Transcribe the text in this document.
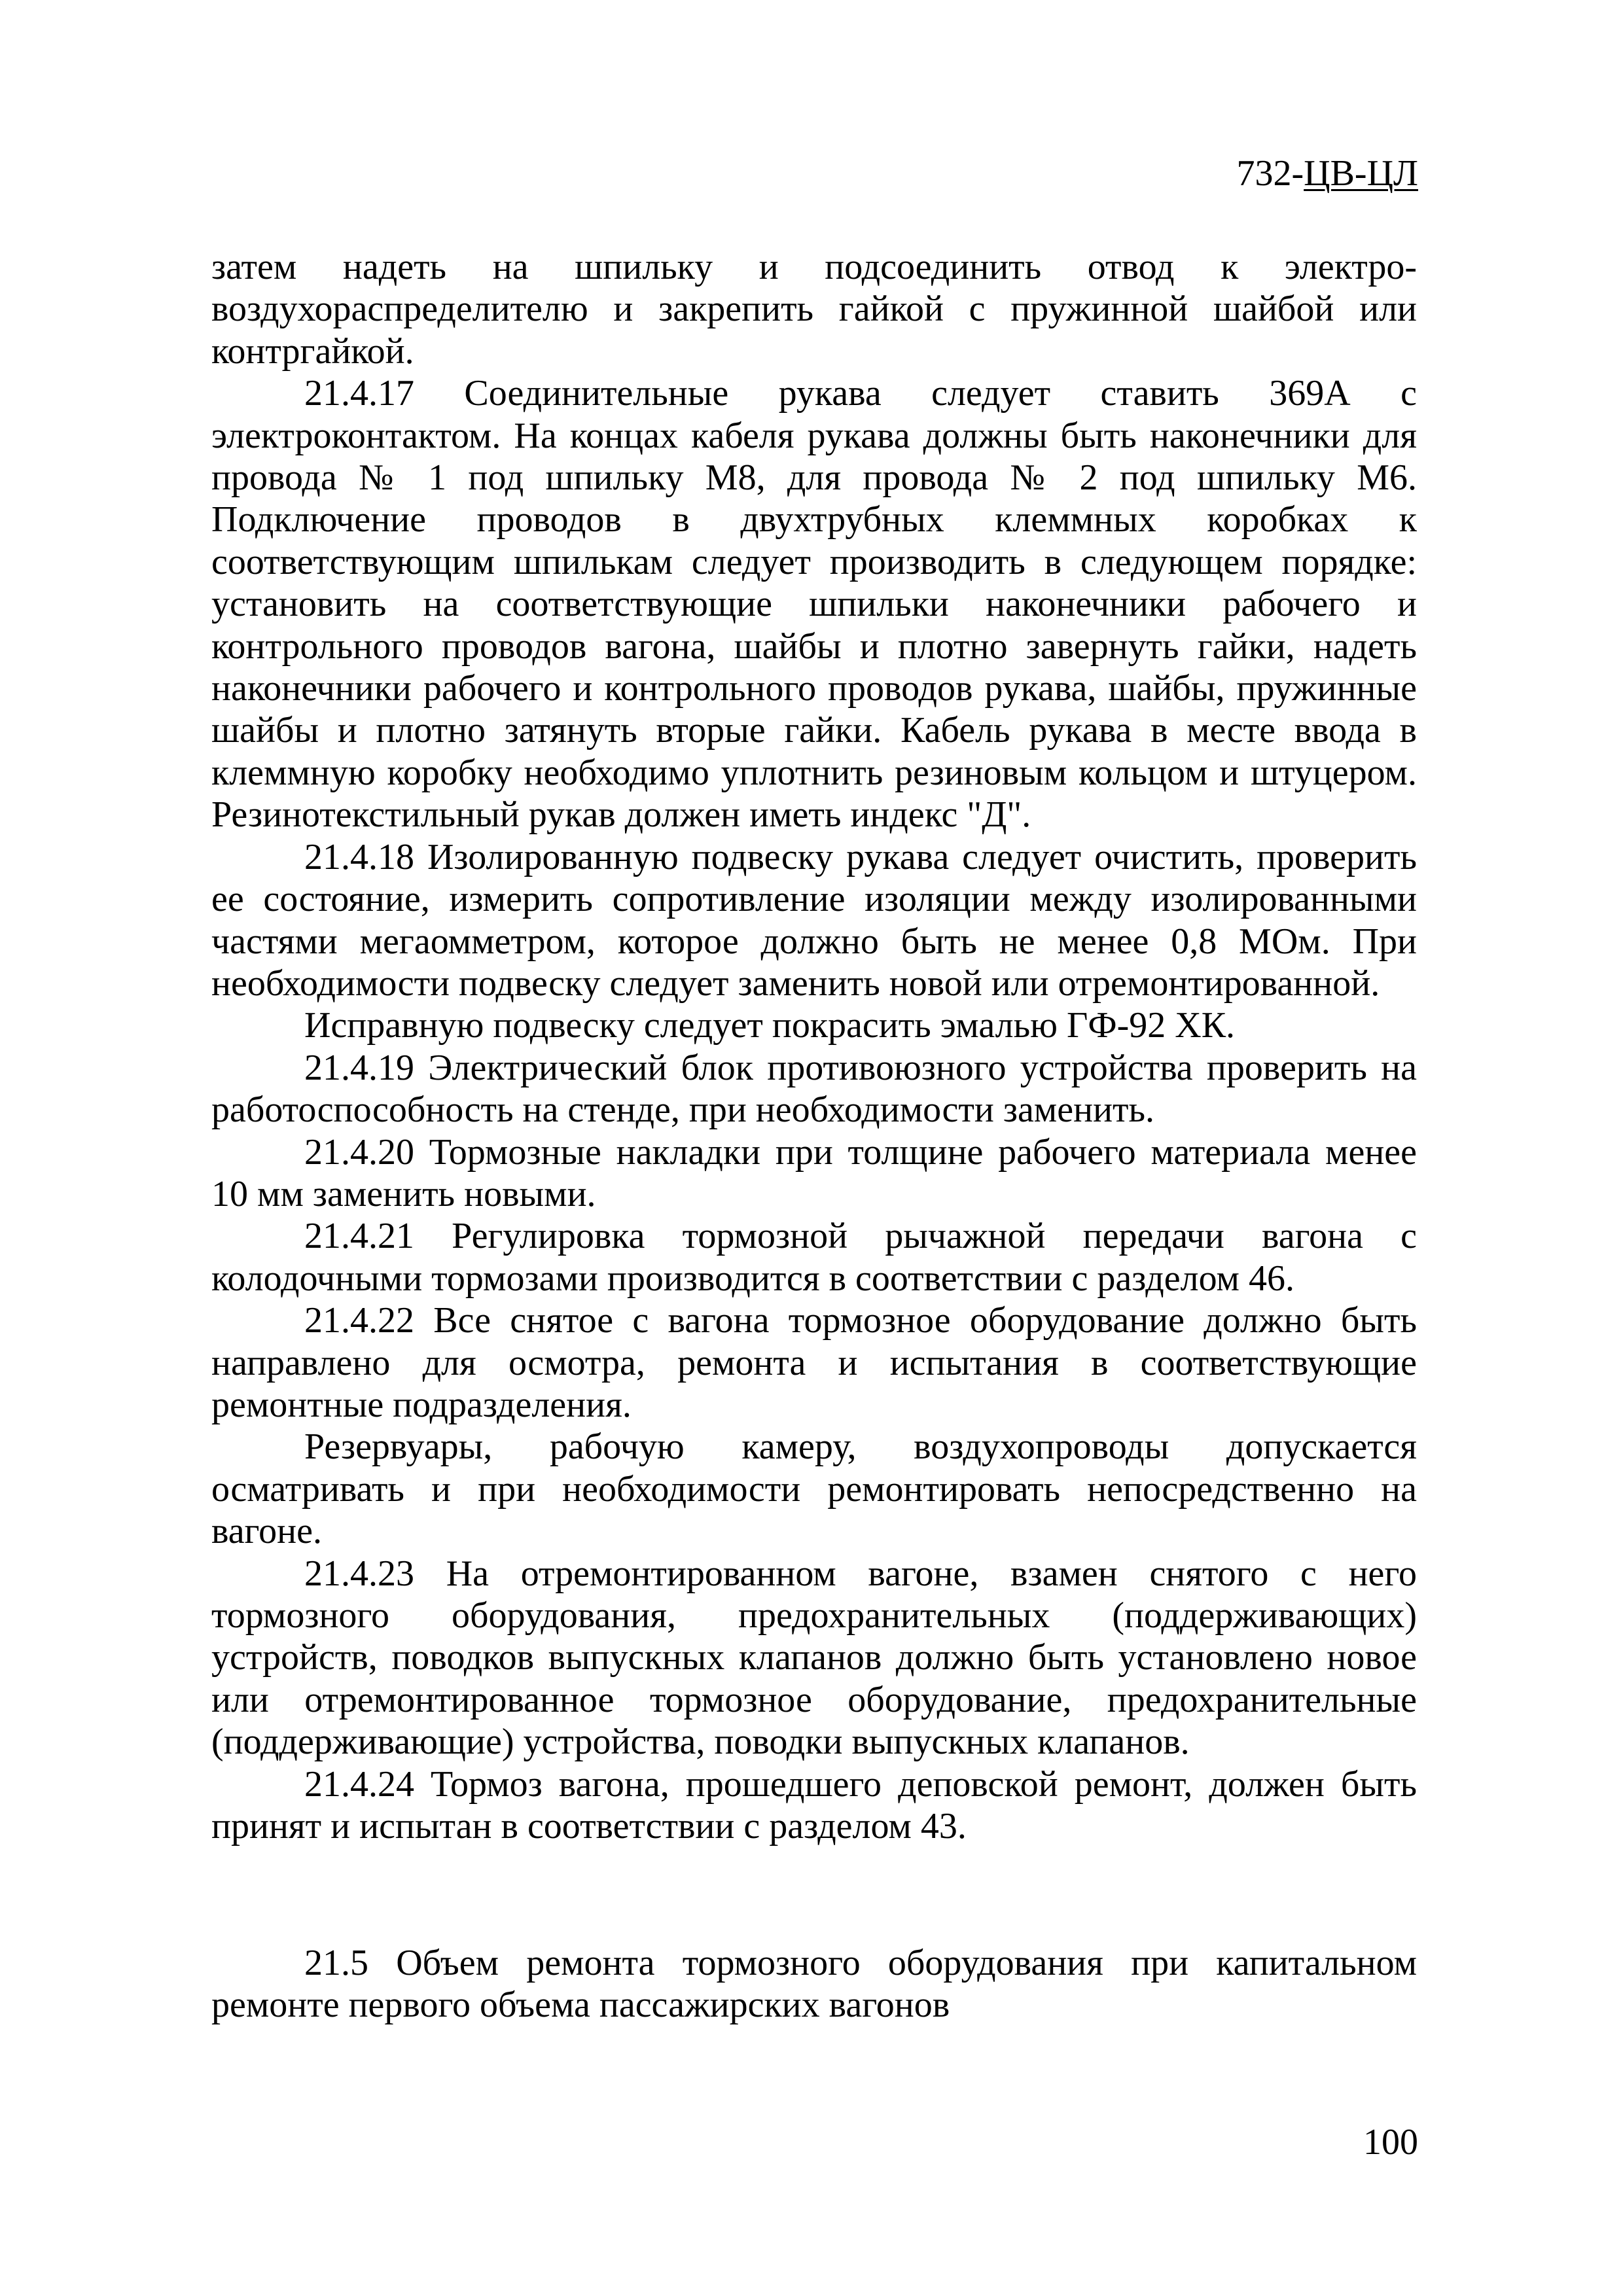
732-ЦВ-ЦЛ

затем надеть на шпильку и подсоединить отвод к электро-воздухораспределителю и закрепить гайкой с пружинной шайбой или контргайкой.

21.4.17 Соединительные рукава следует ставить 369А с электроконтактом. На концах кабеля рукава должны быть наконечники для провода № 1 под шпильку М8, для провода № 2 под шпильку М6. Подключение проводов в двухтрубных клеммных коробках к соответствующим шпилькам следует производить в следующем порядке: установить на соответствующие шпильки наконечники рабочего и контрольного проводов вагона, шайбы и плотно завернуть гайки, надеть наконечники рабочего и контрольного проводов рукава, шайбы, пружинные шайбы и плотно затянуть вторые гайки. Кабель рукава в месте ввода в клеммную коробку необходимо уплотнить резиновым кольцом и штуцером. Резинотекстильный рукав должен иметь индекс "Д".

21.4.18 Изолированную подвеску рукава следует очистить, проверить ее состояние, измерить сопротивление изоляции между изолированными частями мегаомметром, которое должно быть не менее 0,8 МОм. При необходимости подвеску следует заменить новой или отремонтированной.

Исправную подвеску следует покрасить эмалью ГФ-92 ХК.

21.4.19 Электрический блок противоюзного устройства проверить на работоспособность на стенде, при необходимости заменить.

21.4.20 Тормозные накладки при толщине рабочего материала менее 10 мм заменить новыми.

21.4.21 Регулировка тормозной рычажной передачи вагона с колодочными тормозами производится в соответствии с разделом 46.

21.4.22 Все снятое с вагона тормозное оборудование должно быть направлено для осмотра, ремонта и испытания в соответствующие ремонтные подразделения.

Резервуары, рабочую камеру, воздухопроводы допускается осматривать и при необходимости ремонтировать непосредственно на вагоне.

21.4.23 На отремонтированном вагоне, взамен снятого с него тормозного оборудования, предохранительных (поддерживающих) устройств, поводков выпускных клапанов должно быть установлено новое или отремонтированное тормозное оборудование, предохранительные (поддерживающие) устройства, поводки выпускных клапанов.

21.4.24 Тормоз вагона, прошедшего деповской ремонт, должен быть принят и испытан в соответствии с разделом 43.

21.5 Объем ремонта тормозного оборудования при капитальном ремонте первого объема пассажирских вагонов

100
